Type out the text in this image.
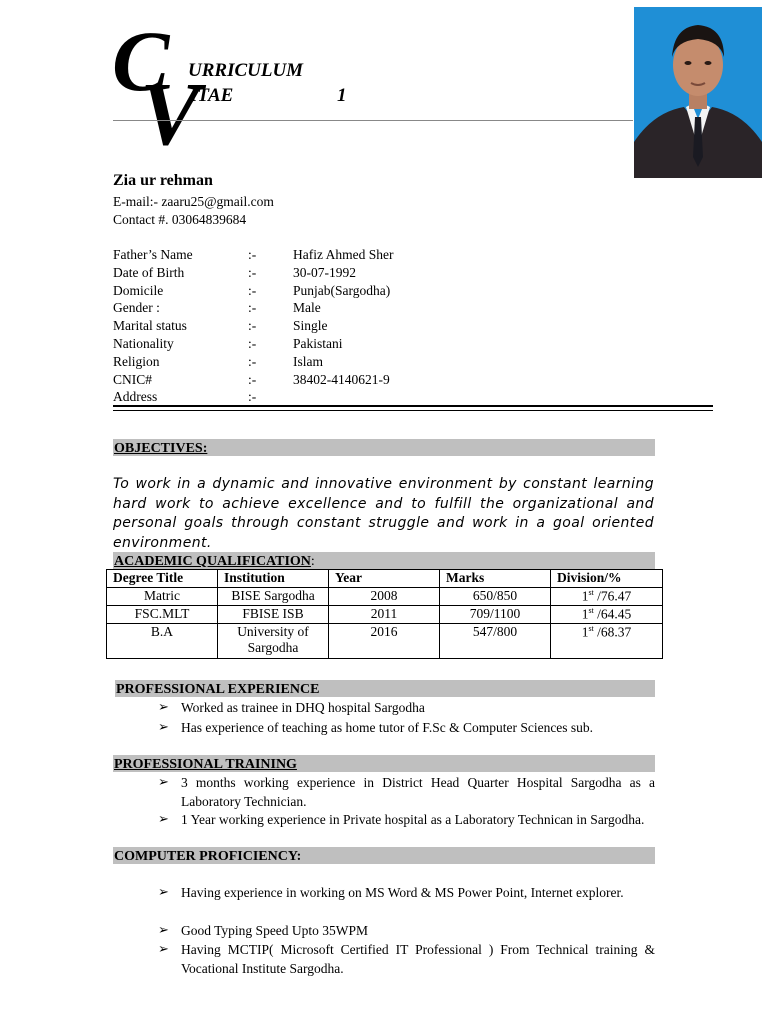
C
V
URRICULUM
ITAE	1
Zia ur rehman
E-mail:- zaaru25@gmail.com
Contact #. 03064839684
Father’s Name	:-	Hafiz Ahmed Sher
Date of Birth	:-	30-07-1992
Domicile	:-	Punjab(Sargodha)
Gender :	:-	Male
Marital status	:-	Single
Nationality	:-	Pakistani
Religion	:-	Islam
CNIC#	:-	38402-4140621-9
Address	:-
OBJECTIVES:
To work in a dynamic and innovative environment by constant learning hard work to achieve excellence and to fulfill the organizational and personal goals through constant struggle and work in a goal oriented environment.
ACADEMIC QUALIFICATION:
Degree Title	Institution	Year	Marks	Division/%
Matric	BISE Sargodha	2008	650/850	1st /76.47
FSC.MLT	FBISE ISB	2011	709/1100	1st /64.45
B.A	University of Sargodha	2016	547/800	1st /68.37
PROFESSIONAL EXPERIENCE
➢ Worked as trainee in DHQ hospital Sargodha
➢ Has experience of teaching as home tutor of F.Sc & Computer Sciences sub.
PROFESSIONAL TRAINING
➢ 3 months working experience in District Head Quarter Hospital Sargodha as a Laboratory Technician.
➢ 1 Year working experience in Private hospital as a Laboratory Technican in Sargodha.
COMPUTER PROFICIENCY:
➢ Having experience in working on MS Word & MS Power Point, Internet explorer.
➢ Good Typing Speed Upto 35WPM
➢ Having MCTIP( Microsoft Certified IT Professional ) From Technical training & Vocational Institute Sargodha.
